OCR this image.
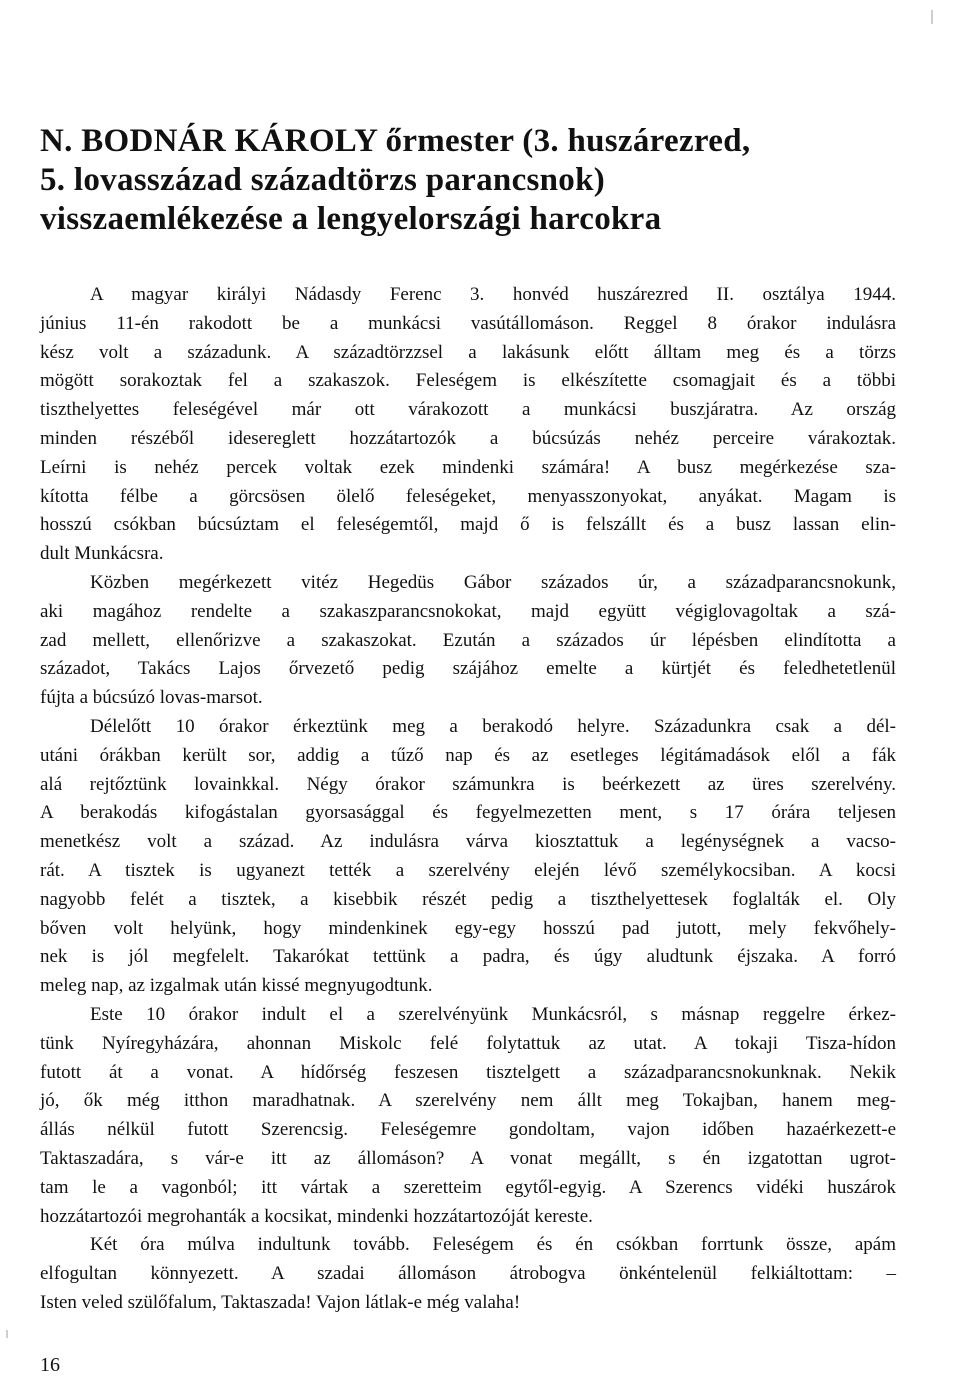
N. BODNÁR KÁROLY őrmester (3. huszárezred,
5. lovasszázad századtörzs parancsnok)
visszaemlékezése a lengyelországi harcokra
A magyar királyi Nádasdy Ferenc 3. honvéd huszárezred II. osztálya 1944.
június 11-én rakodott be a munkácsi vasútállomáson. Reggel 8 órakor indulásra
kész volt a századunk. A századtörzzsel a lakásunk előtt álltam meg és a törzs
mögött sorakoztak fel a szakaszok. Feleségem is elkészítette csomagjait és a többi
tiszthelyettes feleségével már ott várakozott a munkácsi buszjáratra. Az ország
minden részéből idesereglett hozzátartozók a búcsúzás nehéz perceire várakoztak.
Leírni is nehéz percek voltak ezek mindenki számára! A busz megérkezése sza-
kította félbe a görcsösen ölelő feleségeket, menyasszonyokat, anyákat. Magam is
hosszú csókban búcsúztam el feleségemtől, majd ő is felszállt és a busz lassan elin-
dult Munkácsra.
Közben megérkezett vitéz Hegedüs Gábor százados úr, a századparancsnokunk,
aki magához rendelte a szakaszparancsnokokat, majd együtt végiglovagoltak a szá-
zad mellett, ellenőrizve a szakaszokat. Ezután a százados úr lépésben elindította a
századot, Takács Lajos őrvezető pedig szájához emelte a kürtjét és feledhetetlenül
fújta a búcsúzó lovas-marsot.
Délelőtt 10 órakor érkeztünk meg a berakodó helyre. Századunkra csak a dél-
utáni órákban került sor, addig a tűző nap és az esetleges légitámadások elől a fák
alá rejtőztünk lovainkkal. Négy órakor számunkra is beérkezett az üres szerelvény.
A berakodás kifogástalan gyorsasággal és fegyelmezetten ment, s 17 órára teljesen
menetkész volt a század. Az indulásra várva kiosztattuk a legénységnek a vacso-
rát. A tisztek is ugyanezt tették a szerelvény elején lévő személykocsiban. A kocsi
nagyobb felét a tisztek, a kisebbik részét pedig a tiszthelyettesek foglalták el. Oly
bőven volt helyünk, hogy mindenkinek egy-egy hosszú pad jutott, mely fekvőhely-
nek is jól megfelelt. Takarókat tettünk a padra, és úgy aludtunk éjszaka. A forró
meleg nap, az izgalmak után kissé megnyugodtunk.
Este 10 órakor indult el a szerelvényünk Munkácsról, s másnap reggelre érkez-
tünk Nyíregyházára, ahonnan Miskolc felé folytattuk az utat. A tokaji Tisza-hídon
futott át a vonat. A hídőrség feszesen tisztelgett a századparancsnokunknak. Nekik
jó, ők még itthon maradhatnak. A szerelvény nem állt meg Tokajban, hanem meg-
állás nélkül futott Szerencsig. Feleségemre gondoltam, vajon időben hazaérkezett-e
Taktaszadára, s vár-e itt az állomáson? A vonat megállt, s én izgatottan ugrot-
tam le a vagonból; itt vártak a szeretteim egytől-egyig. A Szerencs vidéki huszárok
hozzátartozói megrohanták a kocsikat, mindenki hozzátartozóját kereste.
Két óra múlva indultunk tovább. Feleségem és én csókban forrtunk össze, apám
elfogultan könnyezett. A szadai állomáson átrobogva önkéntelenül felkiáltottam: –
Isten veled szülőfalum, Taktaszada! Vajon látlak-e még valaha!
16
